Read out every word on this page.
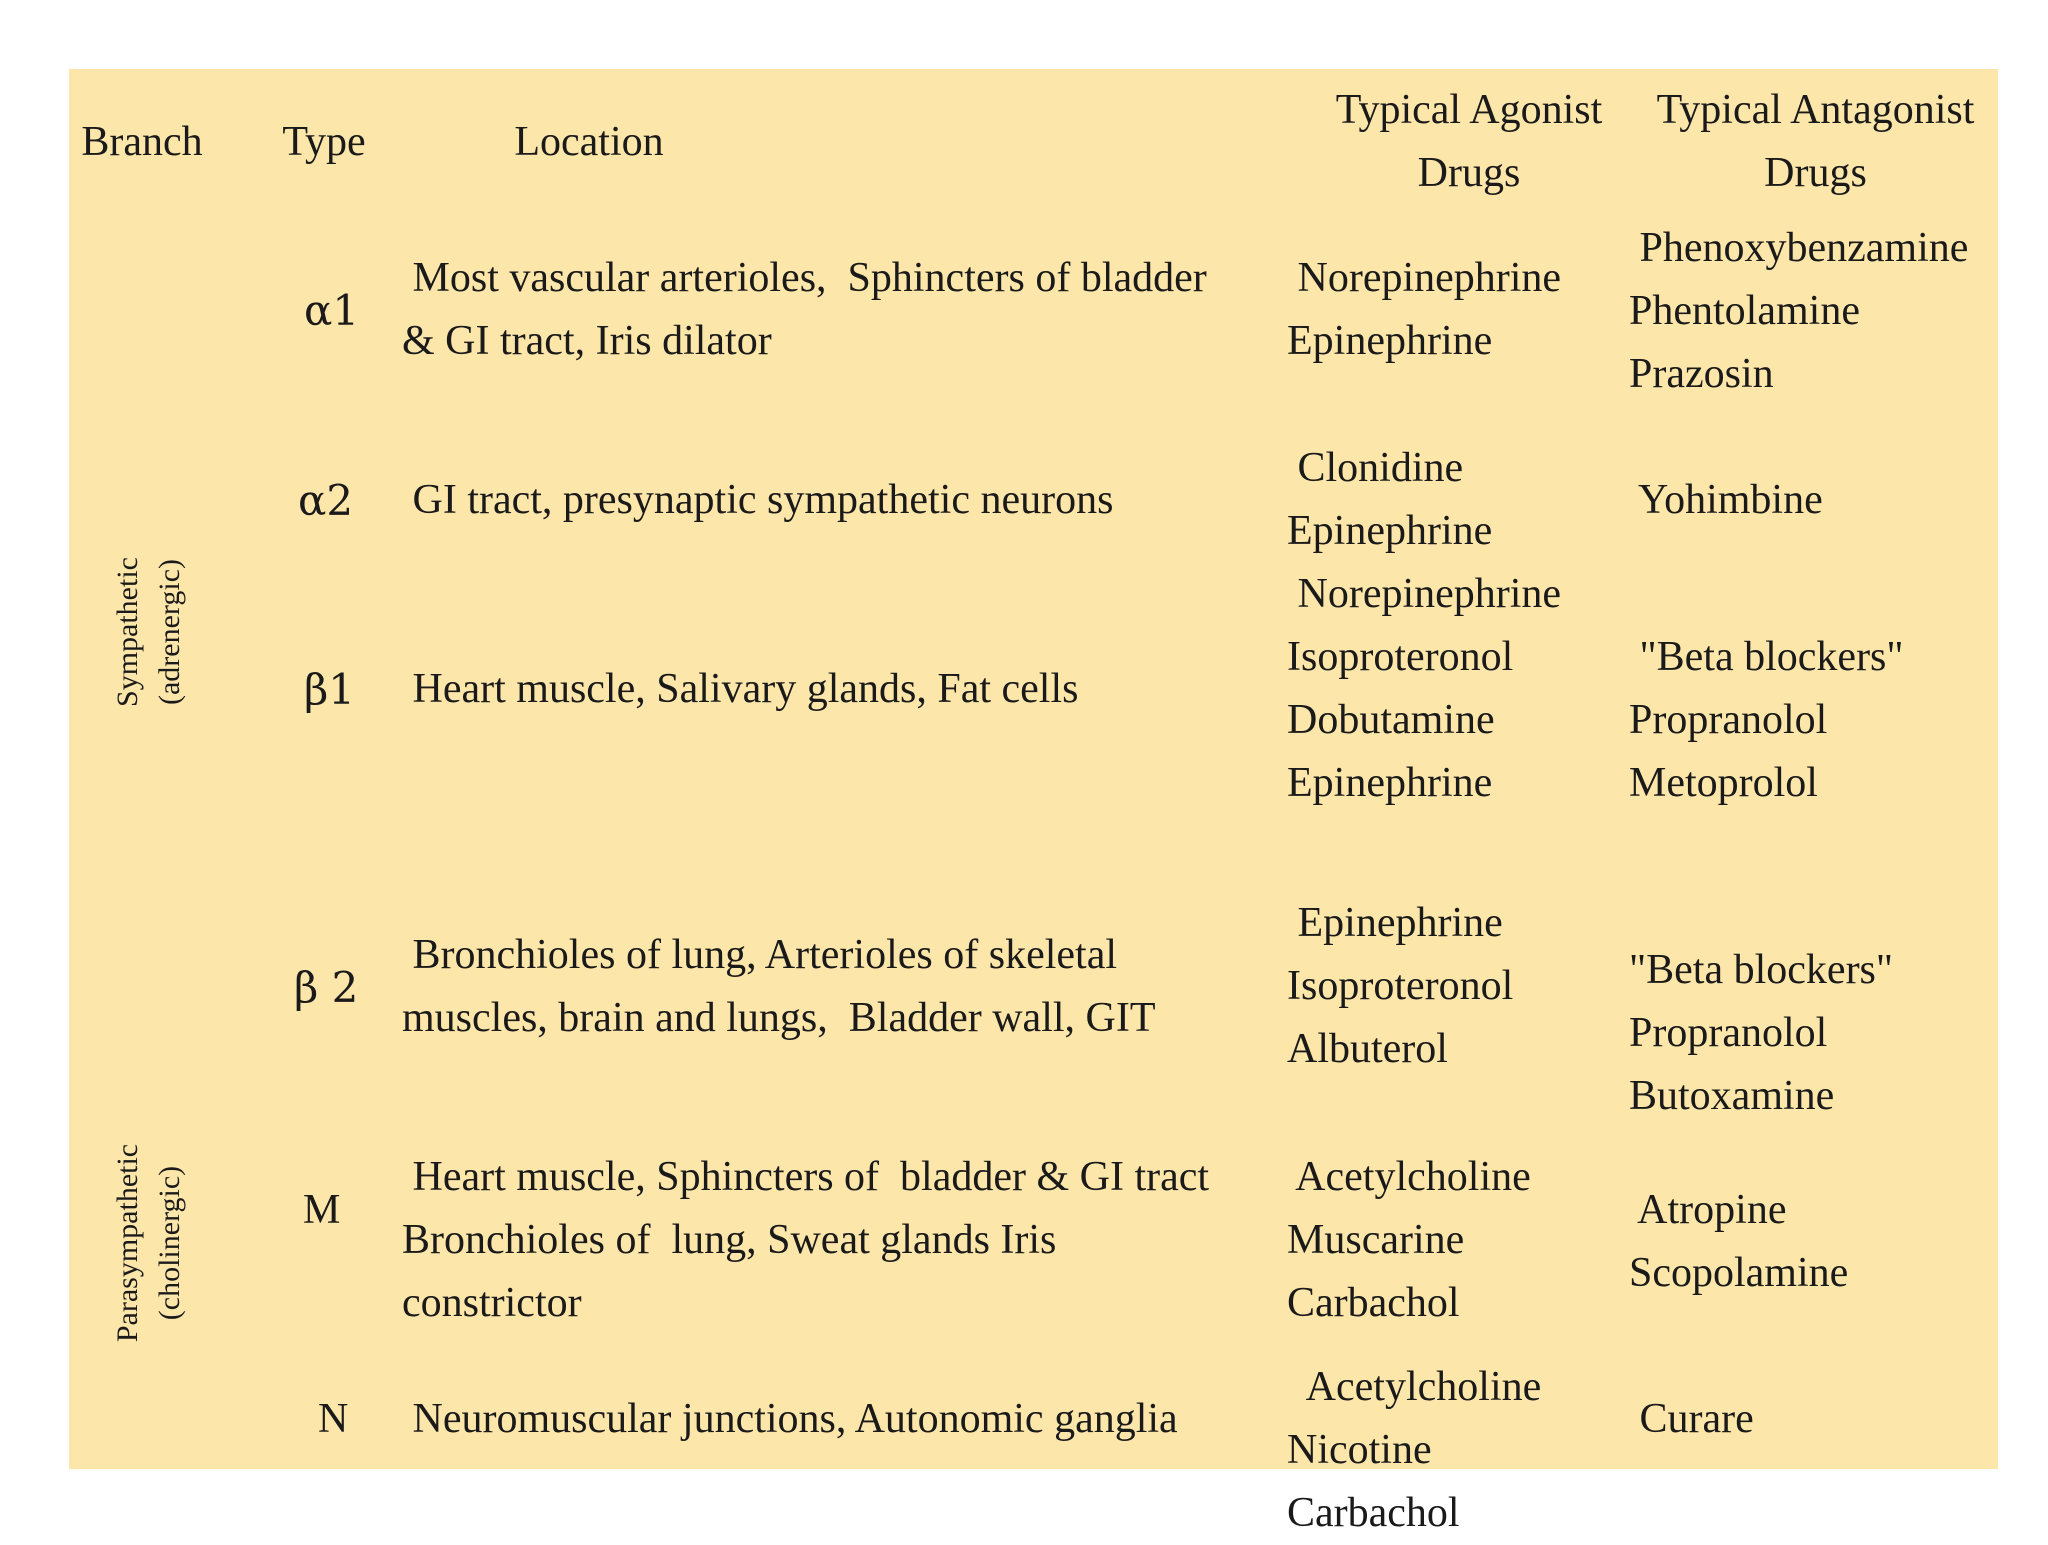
Branch	Type	Location
Typical Agonist
Drugs
Typical Antagonist
Drugs
Sympathetic (adrenergic)
Parasympathetic (cholinergic)
α1
Most vascular arterioles,  Sphincters of bladder
& GI tract, Iris dilator
Norepinephrine
Epinephrine
Phenoxybenzamine
Phentolamine
Prazosin
α2 GI tract, presynaptic sympathetic neurons
Clonidine
Epinephrine
Yohimbine
β1 Heart muscle, Salivary glands, Fat cells
Norepinephrine
Isoproteronol
Dobutamine
Epinephrine
"Beta blockers"
Propranolol
Metoprolol
β 2
Bronchioles of lung, Arterioles of skeletal
muscles, brain and lungs,  Bladder wall, GIT
Epinephrine
Isoproteronol
Albuterol
"Beta blockers"
Propranolol
Butoxamine
M
Heart muscle, Sphincters of  bladder & GI tract
Bronchioles of  lung, Sweat glands Iris
constrictor
Acetylcholine
Muscarine
Carbachol
Atropine
Scopolamine
N Neuromuscular junctions, Autonomic ganglia
Acetylcholine
Nicotine
Carbachol
Curare
